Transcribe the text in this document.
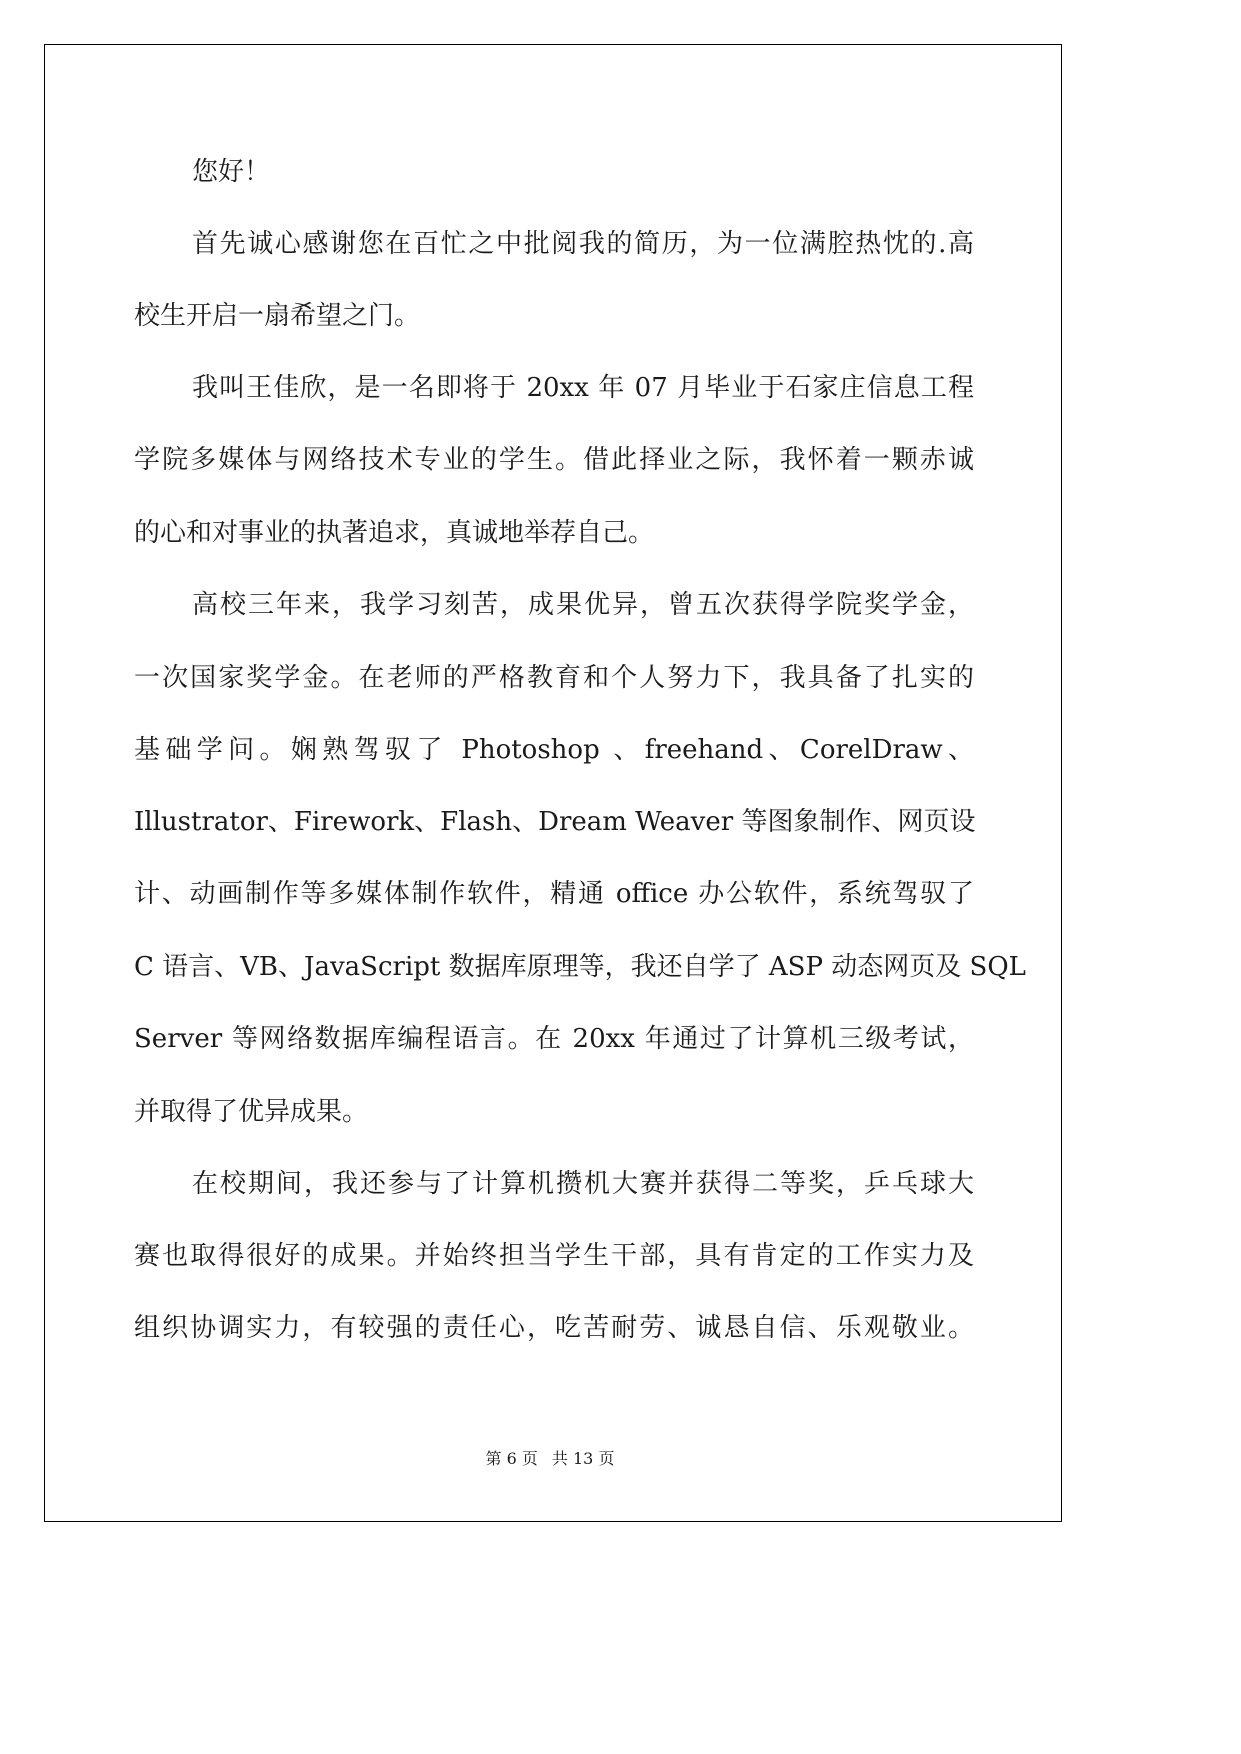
您好！

首先诚心感谢您在百忙之中批阅我的简历，为一位满腔热忱的.高

校生开启一扇希望之门。

我叫王佳欣，是一名即将于 20xx 年 07 月毕业于石家庄信息工程

学院多媒体与网络技术专业的学生。借此择业之际，我怀着一颗赤诚

的心和对事业的执著追求，真诚地举荐自己。

高校三年来，我学习刻苦，成果优异，曾五次获得学院奖学金，

一次国家奖学金。在老师的严格教育和个人努力下，我具备了扎实的

基础学问。娴熟驾驭了 Photoshop 、freehand、CorelDraw、

Illustrator、Firework、Flash、Dream Weaver 等图象制作、网页设

计、动画制作等多媒体制作软件，精通 office 办公软件，系统驾驭了

C 语言、VB、JavaScript 数据库原理等，我还自学了 ASP 动态网页及 SQL

Server 等网络数据库编程语言。在 20xx 年通过了计算机三级考试，

并取得了优异成果。

在校期间，我还参与了计算机攒机大赛并获得二等奖，乒乓球大

赛也取得很好的成果。并始终担当学生干部，具有肯定的工作实力及

组织协调实力，有较强的责任心，吃苦耐劳、诚恳自信、乐观敬业。

第 6 页 共 13 页
